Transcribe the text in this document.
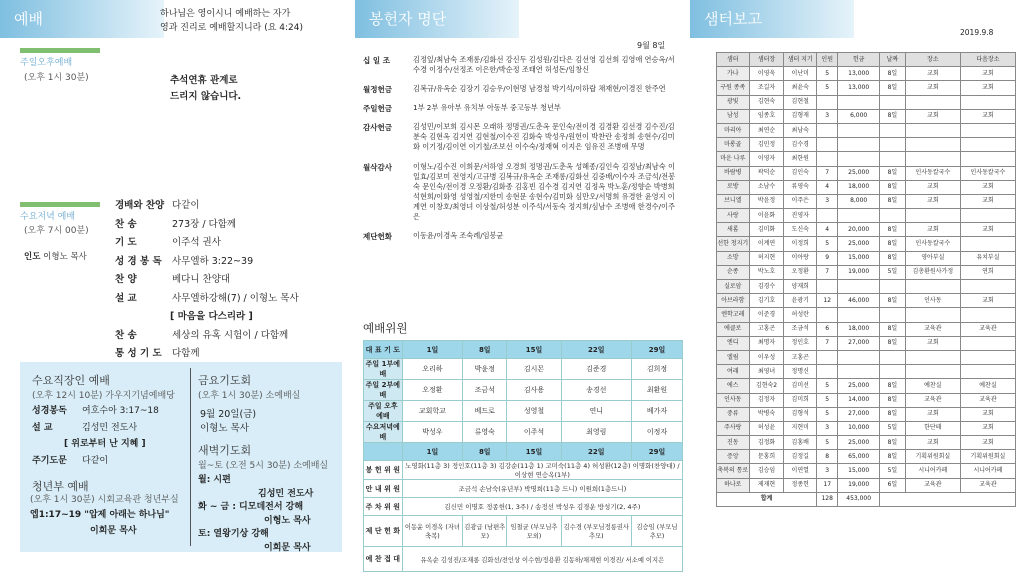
예배	하나님은 영이시니 예배하는 자가
영과 진리로 예배할지니라 (요 4:24)
주일오후예배
(오후 1시 30분)	추석연휴 관계로
드리지 않습니다.
수요저녁 예배
(오후 7시 00분)
인도 이형노 목사
경배와 찬양 다같이
찬 송	273장 / 다함께
기 도	이주석 권사
성 경 봉 독 사무엘하 3:22~39
찬 양	베다니 찬양대
설 교	사무엘하강해(7) / 이형노 목사
[ 마음을 다스리라 ]
찬 송	세상의 유혹 시험이 / 다함께
통 성 기 도 다함께
수요직장인 예배
(오후 12시 10분) 가우지기념예배당
성경봉독 여호수아 3:17~18
설 교	김성민 전도사
[ 위로부터 난 지혜 ]
주기도문 다같이
청년부 예배
(오후 1시 30분) 시회교육관 청년부실
엡1:17~19 "압제 아래는 하나님"
이희문 목사
금요기도회
(오후 1시 30분) 소예배실
9월 20일(금)
이형노 목사
새벽기도회
월~토 (오전 5시 30분) 소예배실
월: 시편
김성민 전도사
화 ~ 금 : 디모데전서 강해
이형노 목사
토: 열왕기상 강해
이희문 목사
봉헌자 명단
9월 8일
십 일 조	김정잎/최남숙 조재롱/김화선 강신두 김성원/김다은 김선영 김선희 김영애 연승옥/서수경 이정수/선정조 이은한/박순정 조태연 허성돈/임창신
월정헌금	김복규/유옥순 김장기 김승우/이현명 남경철 박기석/이하랍 채재현/이경진 한주연
주일헌금	1부 2부 유아부 유치부 아동부 중고등부 청년부
감사헌금	김성민/이보희 김시몬 오래하 정명권/도춘옥 문인숙/전이경 김경환 김선경 김수진/김분숙 김현옥 김지연 김현철/이수진 김화숙 박성우/원헌이 박찬란 송정희 송현수/김미화 이기정/김이연 이기철/조보선 이수숙/정재혁 이지은 임유진 조병애 무명
월삭감사	이형노/김수진 이희문/서하영 오경희 정명권/도춘옥 성혜종/김인숙 김정남/최남숙 이일효/김보미 전영지/고규병 김복규/유옥순 조재롱/김화선 김중배/이수자 조금석/전봉숙 문인숙/전이경 오정환/김화종 김홍빈 김수경 김지연 김정옥 박노훈/정향순 박병희 석현희/이화영 성영철/지한미 송현문 송현수/김미화 심만오/서명희 유경한 윤영지 이계연 이창호/최영녀 이상철/허성분 이주석/서동숙 정지희/심남수 조병애 한경수/이주은
제단헌화	이동윤/이경옥 조숙례/임봉균
예배위원
대 표 기 도	1일	8일	15일	22일	29일
주일 1부예배	오리하	박윤정	김시몬	김준경	김희정
주일 2부예배	오정환	조금석	김사용	송경선	최환원
주일 오후예배	교회학교	베드로	성영철	연니	베가자
수요저녁예배	박성우	류영숙	이주석	최영림	이정자
	1일	8일	15일	22일	29일
봉 헌 위 원	노영화(11층 3) 정인호(11층 3) 김강순(11층 1) 고미숙(11층 4) 허성환(12층) 이명화(찬양대) / 이상현 연승옥(1부)				
안 내 위 원	조금석 손남숙(유년부) 박명희(11층 드니) 이원희(1층드니)				
주 차 위 원	김신민 이명호 정종헌(1, 3주) / 송정선 박성우 김경운 방성기(2, 4주)				
제 단 헌 화	이동윤 이경옥 (자녀축복)	김광급 (남편추모)	임철균 (부모님추모외)	김수경 (부모님정릉권사 추모)	김승임 (부모님 추모)
예 찬 접 대	유옥순 김성진/조재롱 김화선/전인상 이수현/정용환 김동하/채재현 이경진/ 서소예 이지은				
샘터보고
2019.9.8
샘터	샘터장	샘터 지기	인원	헌금	날짜	장소	다음장소
가나	이영욱	이난미	5	13,000	8일	교회	교회
구원 종족	조길자	최윤숙	5	13,000	8일	교회	교회
광빛	김현숙	김현철					
남성	임종호	김형재	3	6,000	8일	교회	교회
마리아	최연순	최남숙					
마롱골	김민정	김수경					
마운 나루	이영자	최한원					
바람병	곽덕순	김인숙	7	25,000	8일	인사동칼국수	인사동칼국수
로방	소남수	류영숙	4	18,000	8일	교회	교회
브니엘	박윤정	이주은	3	8,000	8일	교회	교회
사랑	이윤화	진영자					
새롬	김미화	도신숙	4	20,000	8일	교회	교회
선한 청지기	이계연	이정희	5	25,000	8일	인사동칼국수	
소망	허지현	이아랑	9	15,000	8일	영아부실	유치부실
순종	박노호	오정환	7	19,000	5일	김총환원사가정	연희
실로암	김경수	양재희					
아브라함	김기호	윤광기	12	46,000	8일	인사동	교회
엔학고레	이준경	허성란					
에클로	고홍곤	조금석	6	18,000	8일	교육관	교육관
엔디	최명자	정인호	7	27,000	8일	교회	
엘림	이우성	고홍곤					
여래	최영녀	정명신					
에스	김현숙2	김미선	5	25,000	8일	예찬실	예찬실
인사동	김정자	김미희	5	14,000	8일	교육관	교육관
중류	박병숙	김형석	5	27,000	8일	교회	교회
주사랑	허성윤	지현미	3	10,000	5일	한단테	교회
진동	김정화	김홍배	5	25,000	8일	교회	교회
증앙	문홍희	김정길	8	65,000	8일	기획위원회실	기획위원회실
축복의 통로	김승임	이연열	3	15,000	5일	시니어카페	시니어카페
하나로	제재현	정종헌	17	19,000	6일	교육관	교육관
합계			128	453,000			
